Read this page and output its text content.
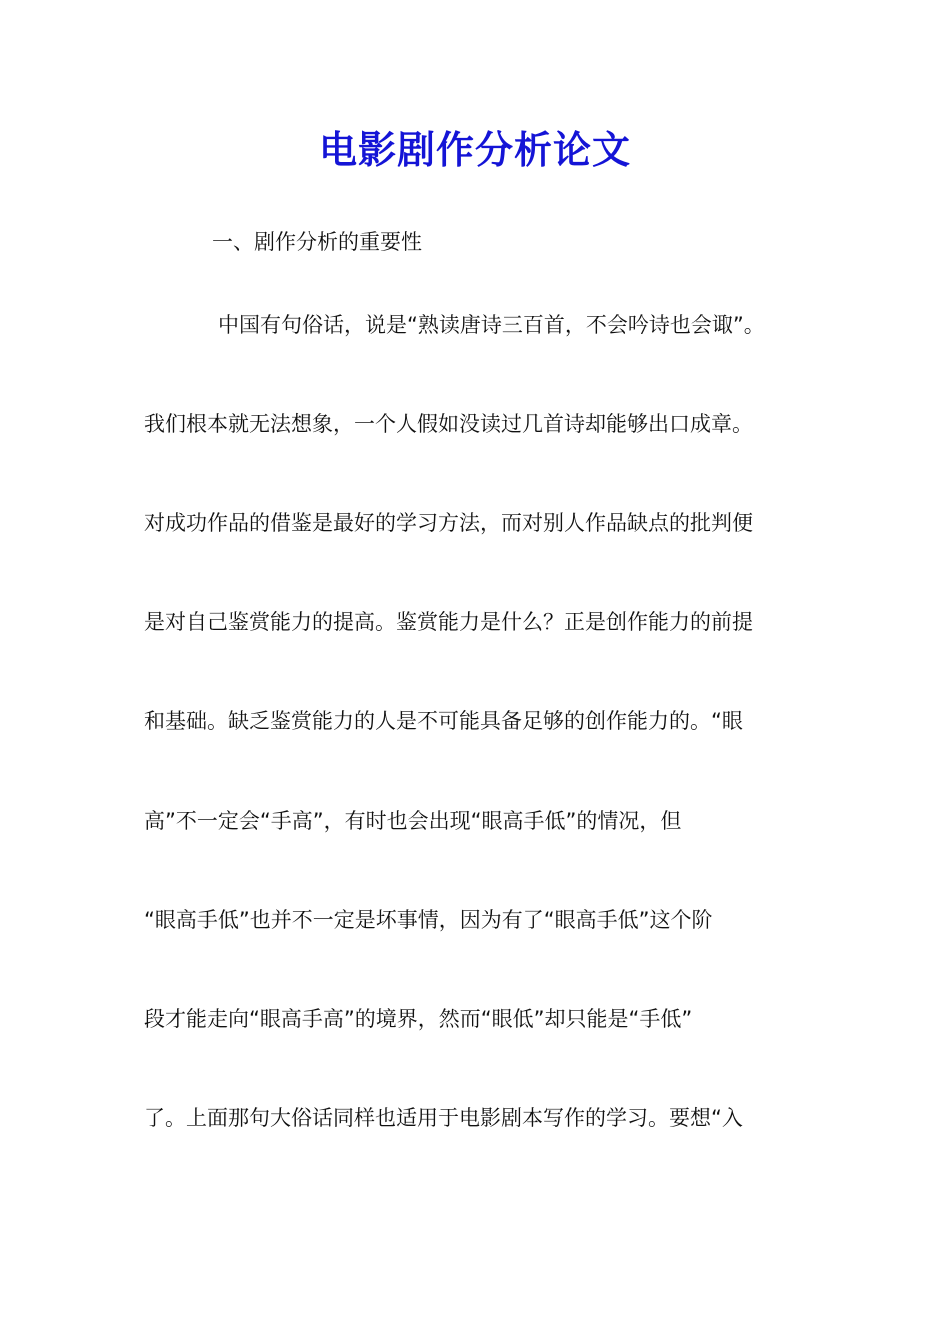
电影剧作分析论文

一、剧作分析的重要性

中国有句俗话，说是“熟读唐诗三百首，不会吟诗也会诹”。

我们根本就无法想象，一个人假如没读过几首诗却能够出口成章。

对成功作品的借鉴是最好的学习方法，而对别人作品缺点的批判便

是对自己鉴赏能力的提高。鉴赏能力是什么？正是创作能力的前提

和基础。缺乏鉴赏能力的人是不可能具备足够的创作能力的。“眼

高”不一定会“手高”，有时也会出现“眼高手低”的情况，但

“眼高手低”也并不一定是坏事情，因为有了“眼高手低”这个阶

段才能走向“眼高手高”的境界，然而“眼低”却只能是“手低”

了。上面那句大俗话同样也适用于电影剧本写作的学习。要想“入
